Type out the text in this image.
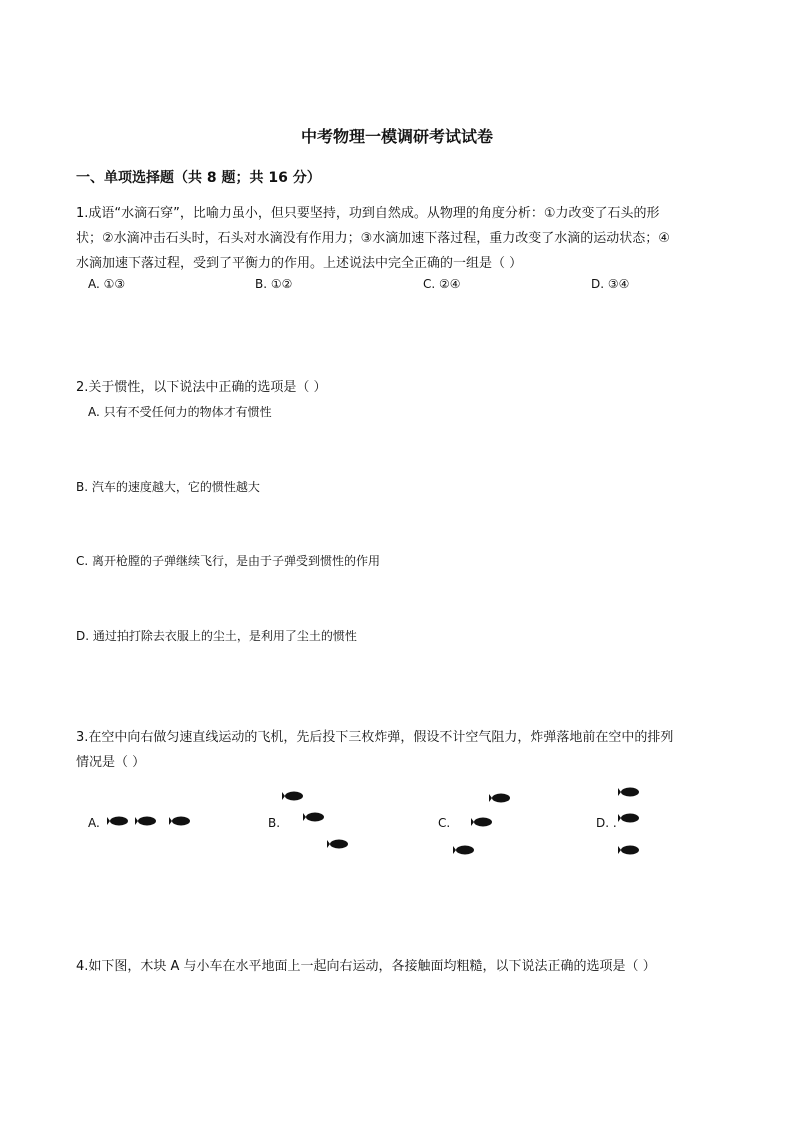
中考物理一模调研考试试卷
一、单项选择题（共 8 题；共 16 分）
1.成语“水滴石穿”，比喻力虽小，但只要坚持，功到自然成。从物理的角度分析：①力改变了石头的形
状；②水滴冲击石头时，石头对水滴没有作用力；③水滴加速下落过程，重力改变了水滴的运动状态；④
水滴加速下落过程，受到了平衡力的作用。上述说法中完全正确的一组是（ ）
A. ①③	B. ①②	C. ②④	D. ③④
2.关于惯性，以下说法中正确的选项是（ ）
A. 只有不受任何力的物体才有惯性
B. 汽车的速度越大，它的惯性越大
C. 离开枪膛的子弹继续飞行，是由于子弹受到惯性的作用
D. 通过拍打除去衣服上的尘土，是利用了尘土的惯性
3.在空中向右做匀速直线运动的飞机，先后投下三枚炸弹，假设不计空气阻力，炸弹落地前在空中的排列
情况是（ ）
A.	B.	C.	D. .
4.如下图，木块 A 与小车在水平地面上一起向右运动，各接触面均粗糙，以下说法正确的选项是（ ）
